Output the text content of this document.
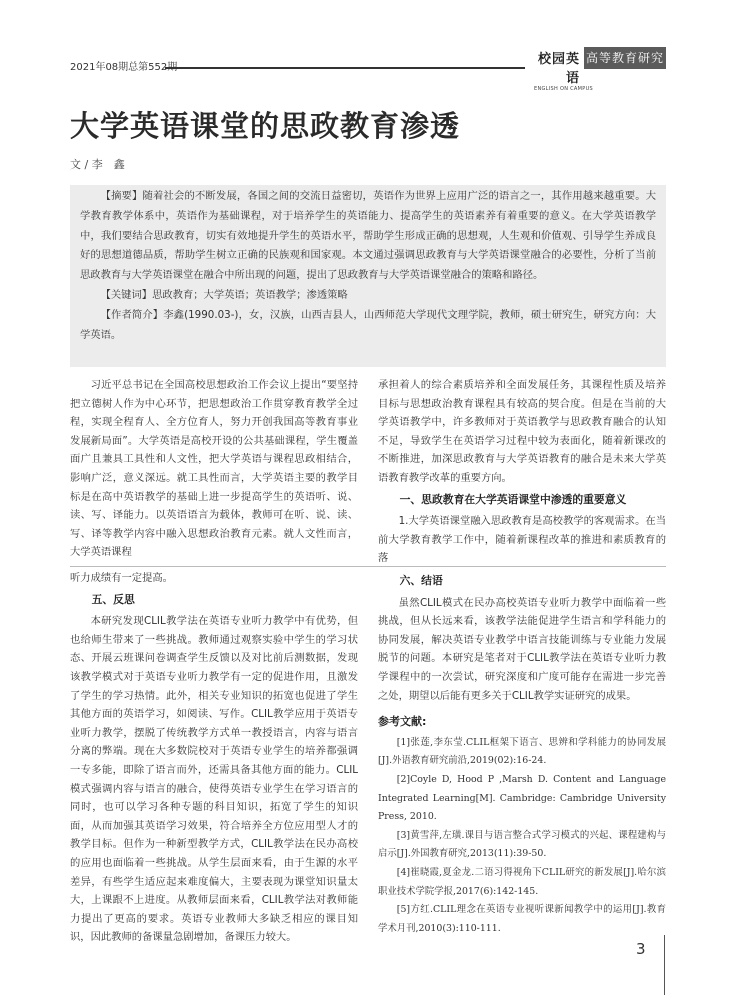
2021年08期总第552期
校园英语
ENGLISH ON CAMPUS
高等教育研究
大学英语课堂的思政教育渗透
文 / 李　鑫

【摘要】随着社会的不断发展，各国之间的交流日益密切，英语作为世界上应用广泛的语言之一，其作用越来越重要。大学教育教学体系中，英语作为基础课程，对于培养学生的英语能力、提高学生的英语素养有着重要的意义。在大学英语教学中，我们要结合思政教育，切实有效地提升学生的英语水平，帮助学生形成正确的思想观，人生观和价值观、引导学生养成良好的思想道德品质，帮助学生树立正确的民族观和国家观。本文通过强调思政教育与大学英语课堂融合的必要性，分析了当前思政教育与大学英语课堂在融合中所出现的问题，提出了思政教育与大学英语课堂融合的策略和路径。

【关键词】思政教育；大学英语；英语教学；渗透策略

【作者简介】李鑫(1990.03-)，女，汉族，山西吉县人，山西师范大学现代文理学院，教师，硕士研究生，研究方向：大学英语。

习近平总书记在全国高校思想政治工作会议上提出“要坚持把立德树人作为中心环节，把思想政治工作贯穿教育教学全过程，实现全程育人、全方位育人，努力开创我国高等教育事业发展新局面”。大学英语是高校开设的公共基础课程，学生覆盖面广且兼具工具性和人文性，把大学英语与课程思政相结合，影响广泛，意义深远。就工具性而言，大学英语主要的教学目标是在高中英语教学的基础上进一步提高学生的英语听、说、读、写、译能力。以英语语言为载体，教师可在听、说、读、写、译等教学内容中融入思想政治教育元素。就人文性而言，大学英语课程

承担着人的综合素质培养和全面发展任务，其课程性质及培养目标与思想政治教育课程具有较高的契合度。但是在当前的大学英语教学中，许多教师对于英语教学与思政教育融合的认知不足，导致学生在英语学习过程中较为表面化，随着新课改的不断推进，加深思政教育与大学英语教育的融合是未来大学英语教育教学改革的重要方向。

一、思政教育在大学英语课堂中渗透的重要意义

1.大学英语课堂融入思政教育是高校教学的客观需求。在当前大学教育教学工作中，随着新课程改革的推进和素质教育的落

听力成绩有一定提高。

五、反思

本研究发现CLIL教学法在英语专业听力教学中有优势，但也给师生带来了一些挑战。教师通过观察实验中学生的学习状态、开展云班课问卷调查学生反馈以及对比前后测数据，发现该教学模式对于英语专业听力教学有一定的促进作用，且激发了学生的学习热情。此外，相关专业知识的拓宽也促进了学生其他方面的英语学习，如阅读、写作。CLIL教学应用于英语专业听力教学，摆脱了传统教学方式单一教授语言，内容与语言分离的弊端。现在大多数院校对于英语专业学生的培养都强调一专多能，即除了语言而外，还需具备其他方面的能力。CLIL模式强调内容与语言的融合，使得英语专业学生在学习语言的同时，也可以学习各种专题的科目知识，拓宽了学生的知识面，从而加强其英语学习效果，符合培养全方位应用型人才的教学目标。但作为一种新型教学方式，CLIL教学法在民办高校的应用也面临着一些挑战。从学生层面来看，由于生源的水平差异，有些学生适应起来难度偏大，主要表现为课堂知识量太大，上课跟不上进度。从教师层面来看，CLIL教学法对教师能力提出了更高的要求。英语专业教师大多缺乏相应的课目知识，因此教师的备课量急剧增加，备课压力较大。

六、结语

虽然CLIL模式在民办高校英语专业听力教学中面临着一些挑战，但从长远来看，该教学法能促进学生语言和学科能力的协同发展，解决英语专业教学中语言技能训练与专业能力发展脱节的问题。本研究是笔者对于CLIL教学法在英语专业听力教学课程中的一次尝试，研究深度和广度可能存在需进一步完善之处，期望以后能有更多关于CLIL教学实证研究的成果。

参考文献:

[1]张莲,李东莹.CLIL框架下语言、思辨和学科能力的协同发展[J].外语教育研究前沿,2019(02):16-24.

[2]Coyle D, Hood P ,Marsh D. Content and Language Integrated Learning[M]. Cambridge: Cambridge University Press, 2010.

[3]黄雪萍,左璜.课目与语言整合式学习模式的兴起、课程建构与启示[J].外国教育研究,2013(11):39-50.

[4]崔晓霞,夏金龙.二语习得视角下CLIL研究的新发展[J].哈尔滨职业技术学院学报,2017(6):142-145.

[5]方红.CLIL理念在英语专业视听课新闻教学中的运用[J].教育学术月刊,2010(3):110-111.

3
